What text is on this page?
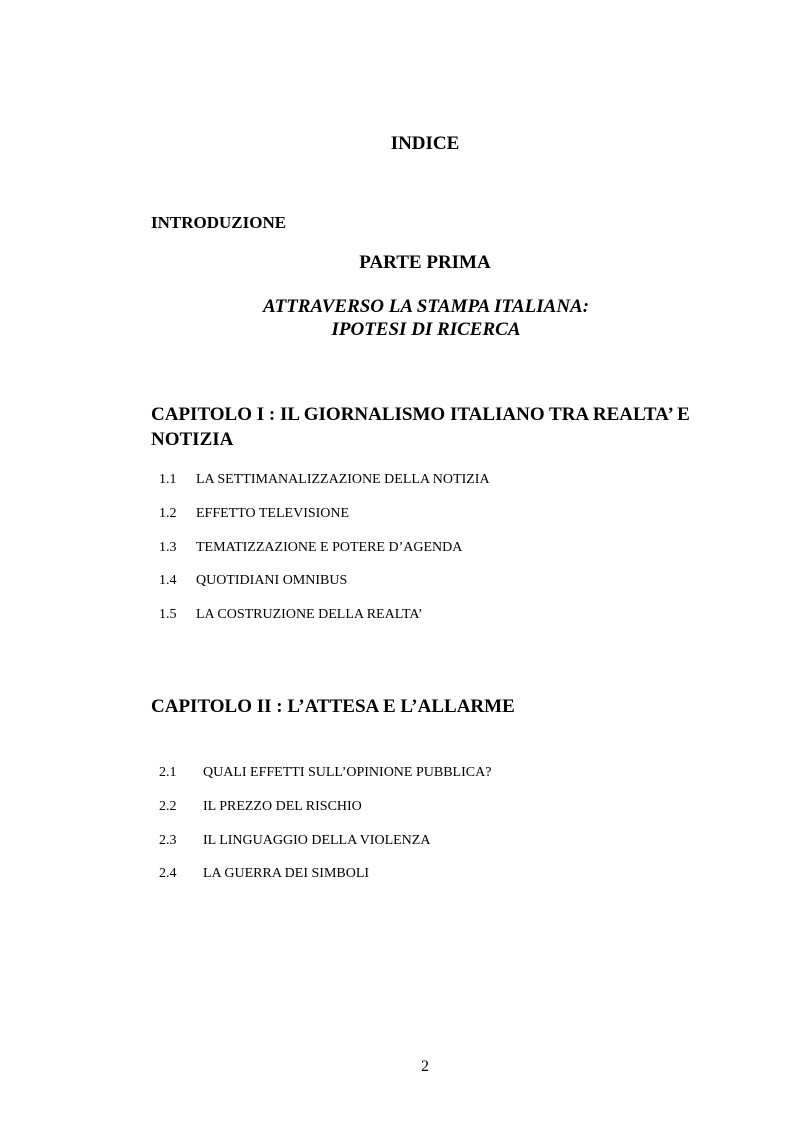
INDICE
INTRODUZIONE
PARTE PRIMA
ATTRAVERSO LA STAMPA ITALIANA:
IPOTESI DI RICERCA
CAPITOLO I : IL GIORNALISMO ITALIANO TRA REALTA’ E NOTIZIA
1.1 LA SETTIMANALIZZAZIONE DELLA NOTIZIA
1.2 EFFETTO TELEVISIONE
1.3 TEMATIZZAZIONE E POTERE D’AGENDA
1.4 QUOTIDIANI OMNIBUS
1.5 LA COSTRUZIONE DELLA REALTA’
CAPITOLO II : L’ATTESA E L’ALLARME
2.1 QUALI EFFETTI SULL’OPINIONE PUBBLICA?
2.2 IL PREZZO DEL RISCHIO
2.3 IL LINGUAGGIO DELLA VIOLENZA
2.4 LA GUERRA DEI SIMBOLI
2
